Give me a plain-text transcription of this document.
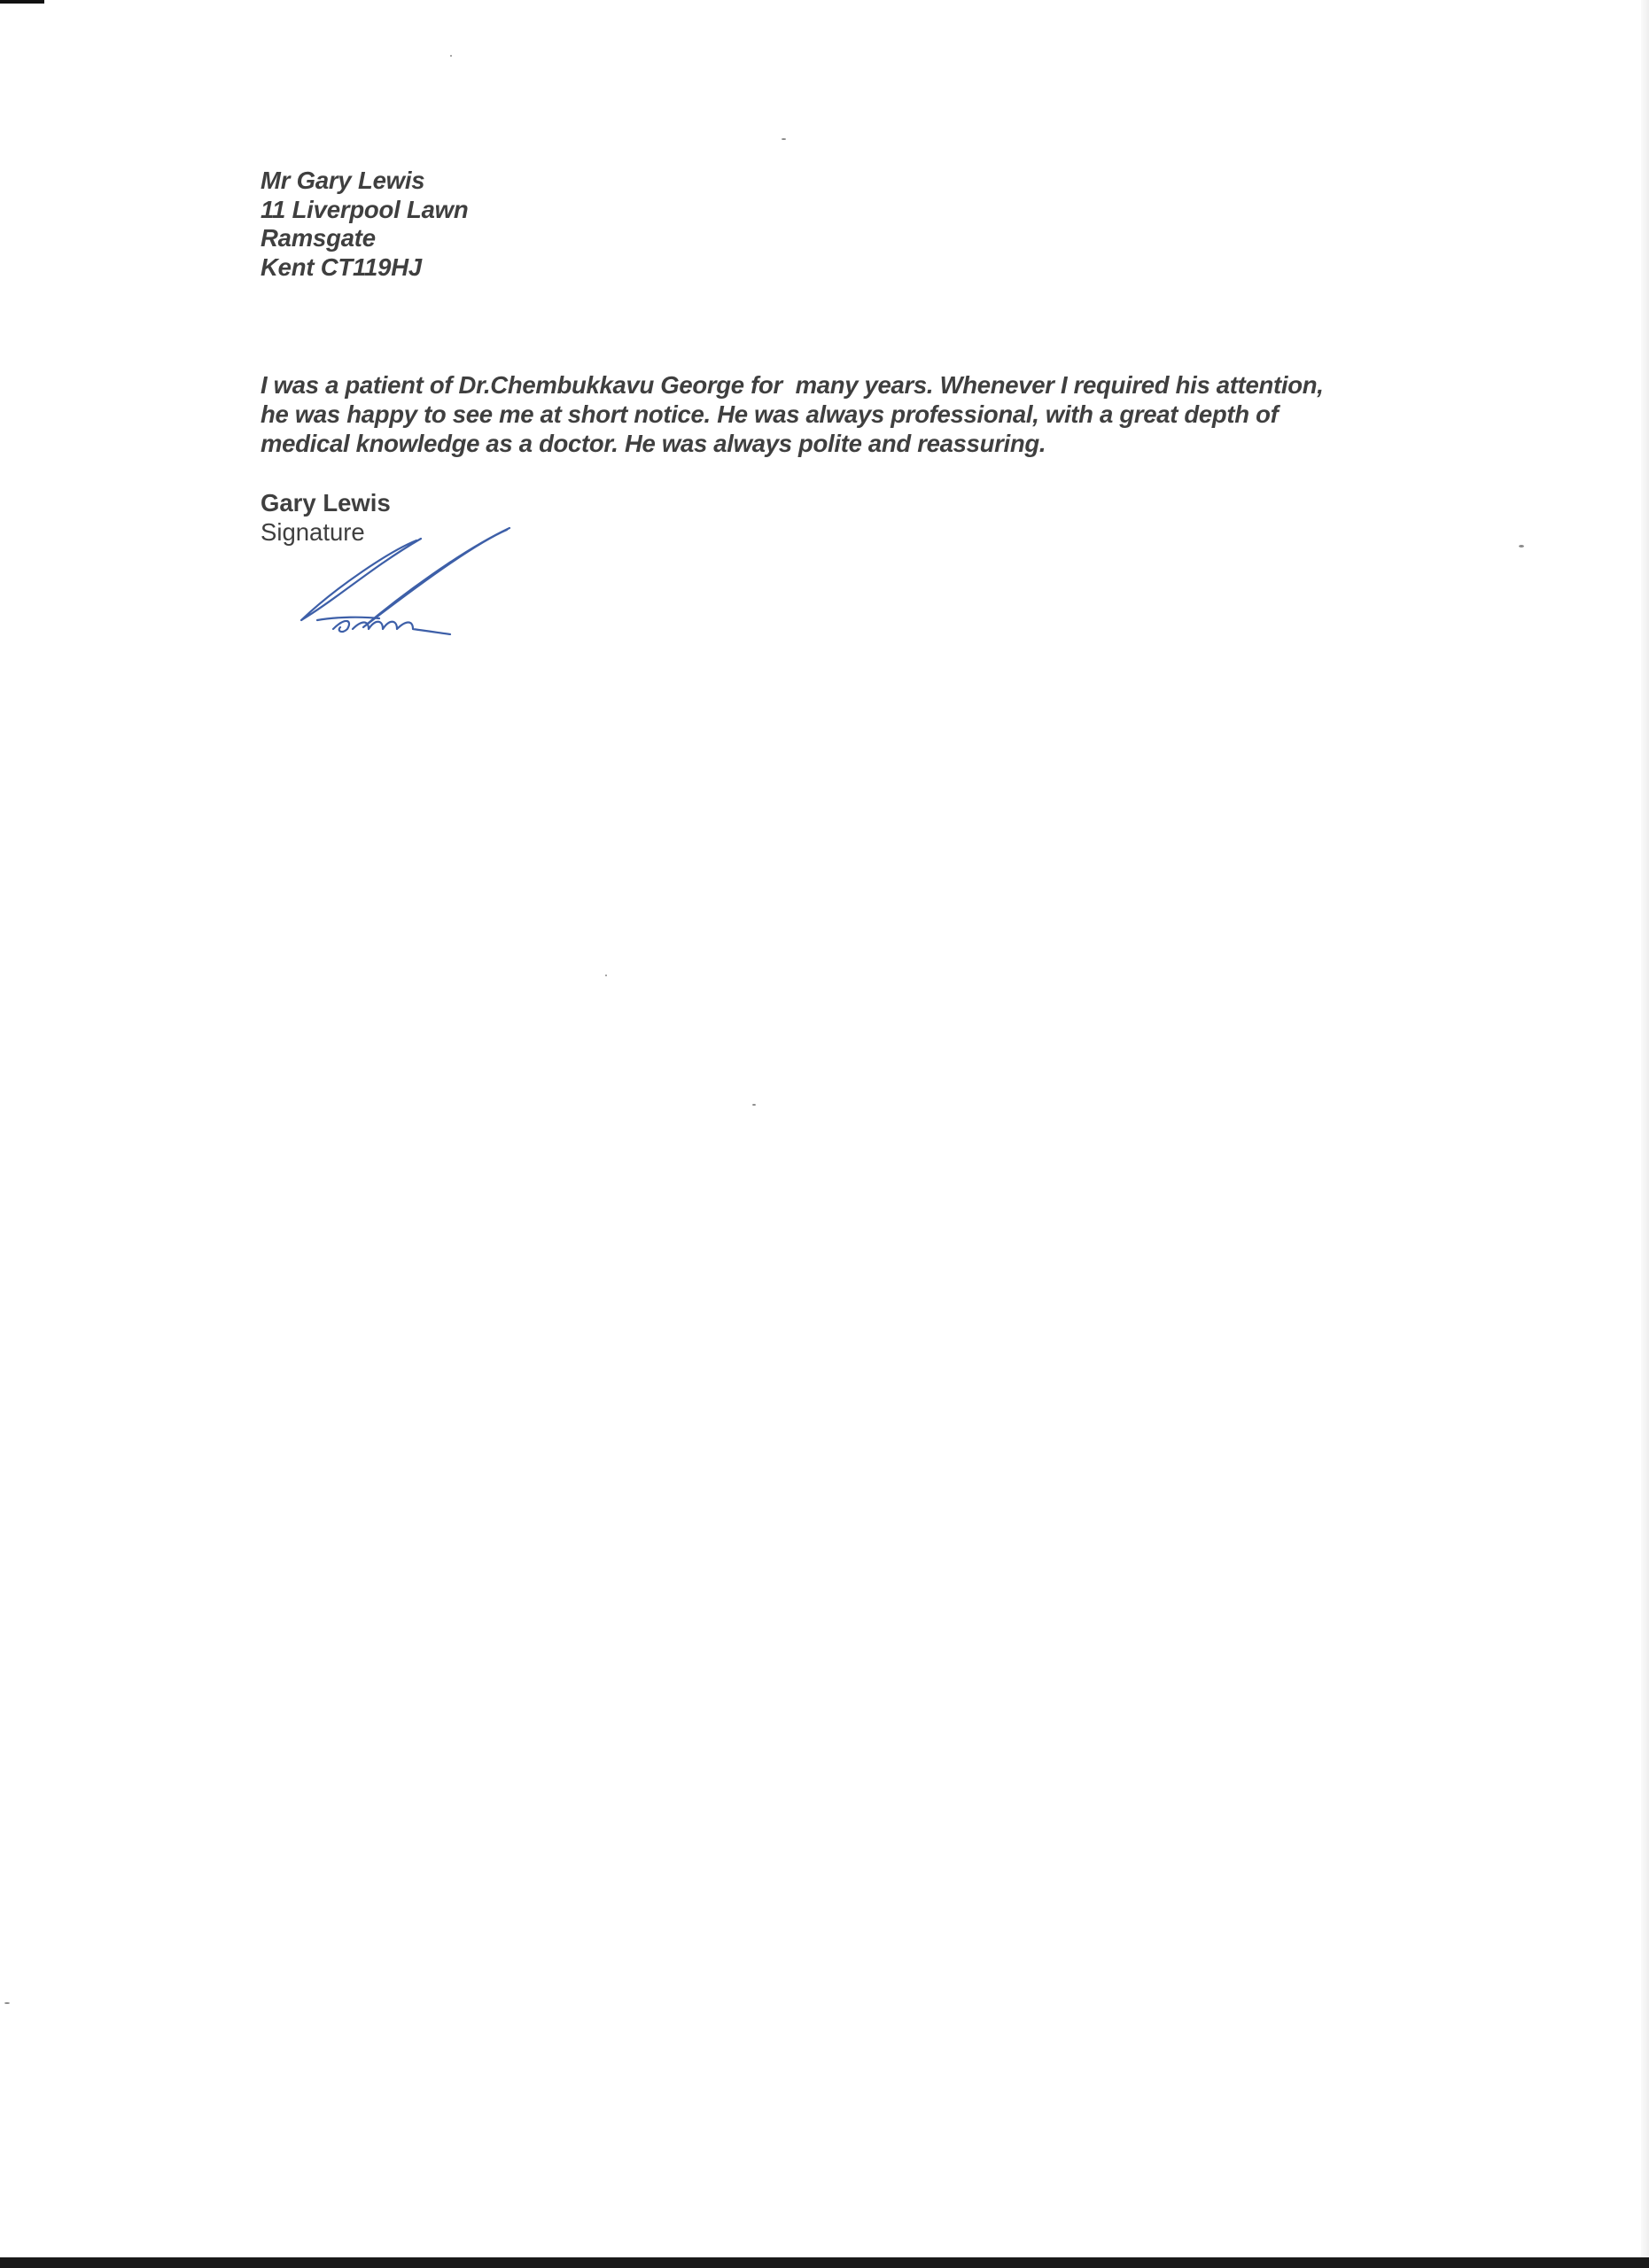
Mr Gary Lewis
11 Liverpool Lawn
Ramsgate
Kent CT119HJ
I was a patient of Dr.Chembukkavu George for  many years. Whenever I required his attention,
he was happy to see me at short notice. He was always professional, with a great depth of
medical knowledge as a doctor. He was always polite and reassuring.
Gary Lewis
Signature
